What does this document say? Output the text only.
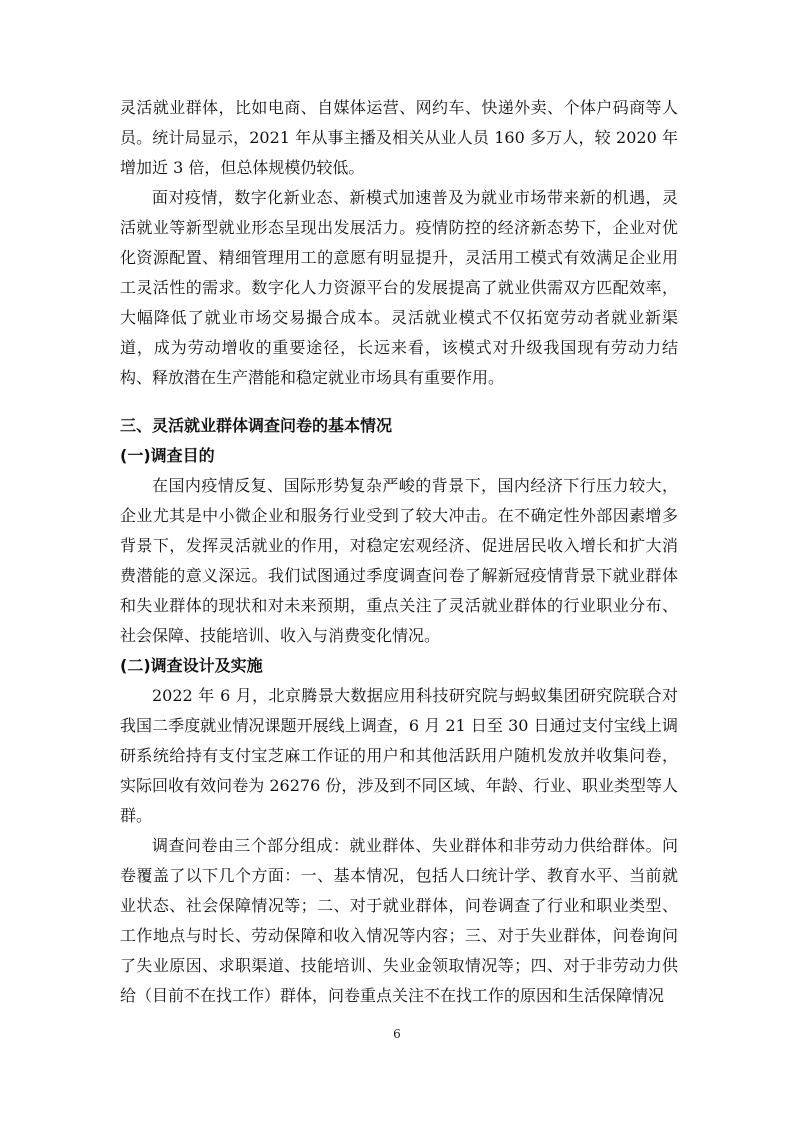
灵活就业群体，比如电商、自媒体运营、网约车、快递外卖、个体户码商等人员。统计局显示，2021 年从事主播及相关从业人员 160 多万人，较 2020 年增加近 3 倍，但总体规模仍较低。

面对疫情，数字化新业态、新模式加速普及为就业市场带来新的机遇，灵活就业等新型就业形态呈现出发展活力。疫情防控的经济新态势下，企业对优化资源配置、精细管理用工的意愿有明显提升，灵活用工模式有效满足企业用工灵活性的需求。数字化人力资源平台的发展提高了就业供需双方匹配效率，大幅降低了就业市场交易撮合成本。灵活就业模式不仅拓宽劳动者就业新渠道，成为劳动增收的重要途径，长远来看，该模式对升级我国现有劳动力结构、释放潜在生产潜能和稳定就业市场具有重要作用。

三、灵活就业群体调查问卷的基本情况
(一)调查目的

在国内疫情反复、国际形势复杂严峻的背景下，国内经济下行压力较大，企业尤其是中小微企业和服务行业受到了较大冲击。在不确定性外部因素增多背景下，发挥灵活就业的作用，对稳定宏观经济、促进居民收入增长和扩大消费潜能的意义深远。我们试图通过季度调查问卷了解新冠疫情背景下就业群体和失业群体的现状和对未来预期，重点关注了灵活就业群体的行业职业分布、社会保障、技能培训、收入与消费变化情况。

(二)调查设计及实施

2022 年 6 月，北京腾景大数据应用科技研究院与蚂蚁集团研究院联合对我国二季度就业情况课题开展线上调查，6 月 21 日至 30 日通过支付宝线上调研系统给持有支付宝芝麻工作证的用户和其他活跃用户随机发放并收集问卷，实际回收有效问卷为 26276 份，涉及到不同区域、年龄、行业、职业类型等人群。

调查问卷由三个部分组成：就业群体、失业群体和非劳动力供给群体。问卷覆盖了以下几个方面：一、基本情况，包括人口统计学、教育水平、当前就业状态、社会保障情况等；二、对于就业群体，问卷调查了行业和职业类型、工作地点与时长、劳动保障和收入情况等内容；三、对于失业群体，问卷询问了失业原因、求职渠道、技能培训、失业金领取情况等；四、对于非劳动力供给（目前不在找工作）群体，问卷重点关注不在找工作的原因和生活保障情况

6
